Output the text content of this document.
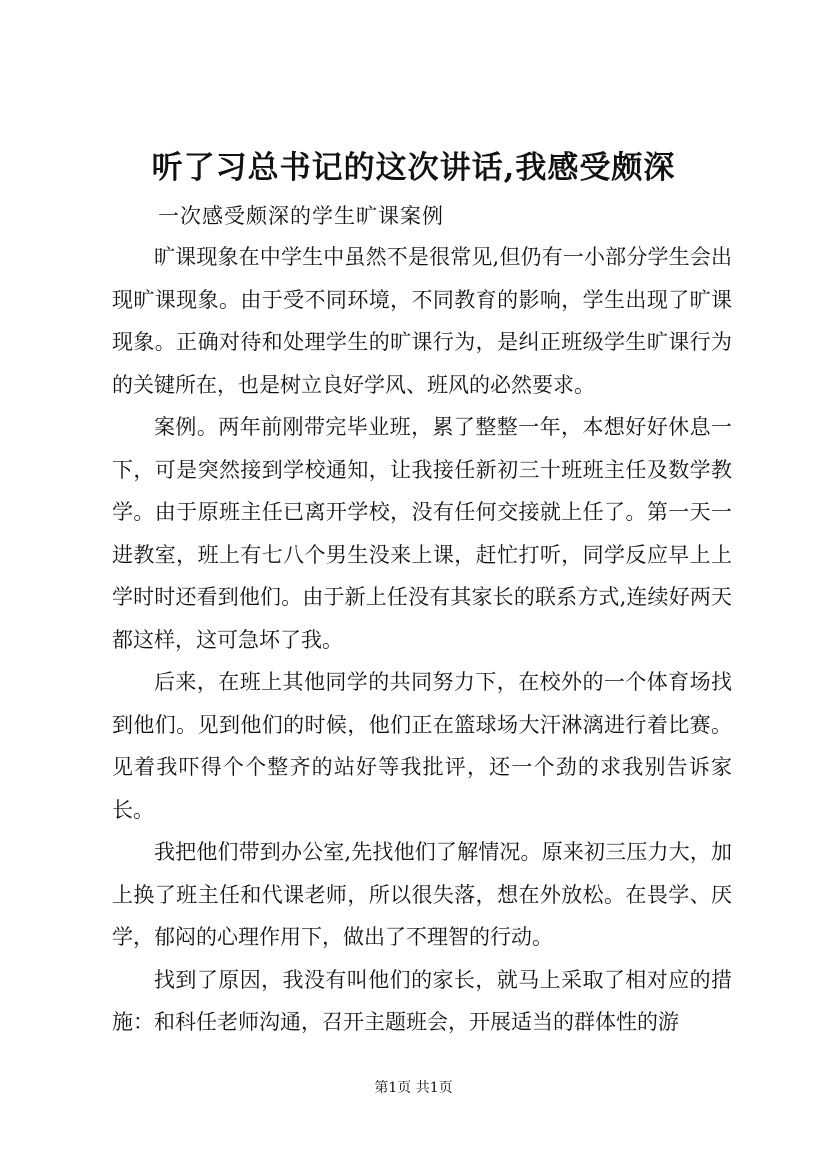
听了习总书记的这次讲话,我感受颇深
一次感受颇深的学生旷课案例

旷课现象在中学生中虽然不是很常见,但仍有一小部分学生会出现旷课现象。由于受不同环境，不同教育的影响，学生出现了旷课现象。正确对待和处理学生的旷课行为，是纠正班级学生旷课行为的关键所在，也是树立良好学风、班风的必然要求。

案例。两年前刚带完毕业班，累了整整一年，本想好好休息一下，可是突然接到学校通知，让我接任新初三十班班主任及数学教学。由于原班主任已离开学校，没有任何交接就上任了。第一天一进教室，班上有七八个男生没来上课，赶忙打听，同学反应早上上学时时还看到他们。由于新上任没有其家长的联系方式,连续好两天都这样，这可急坏了我。

后来，在班上其他同学的共同努力下，在校外的一个体育场找到他们。见到他们的时候，他们正在篮球场大汗淋漓进行着比赛。见着我吓得个个整齐的站好等我批评，还一个劲的求我别告诉家长。

我把他们带到办公室,先找他们了解情况。原来初三压力大，加上换了班主任和代课老师，所以很失落，想在外放松。在畏学、厌学，郁闷的心理作用下，做出了不理智的行动。

找到了原因，我没有叫他们的家长，就马上采取了相对应的措施：和科任老师沟通，召开主题班会，开展适当的群体性的游

第1页 共1页
